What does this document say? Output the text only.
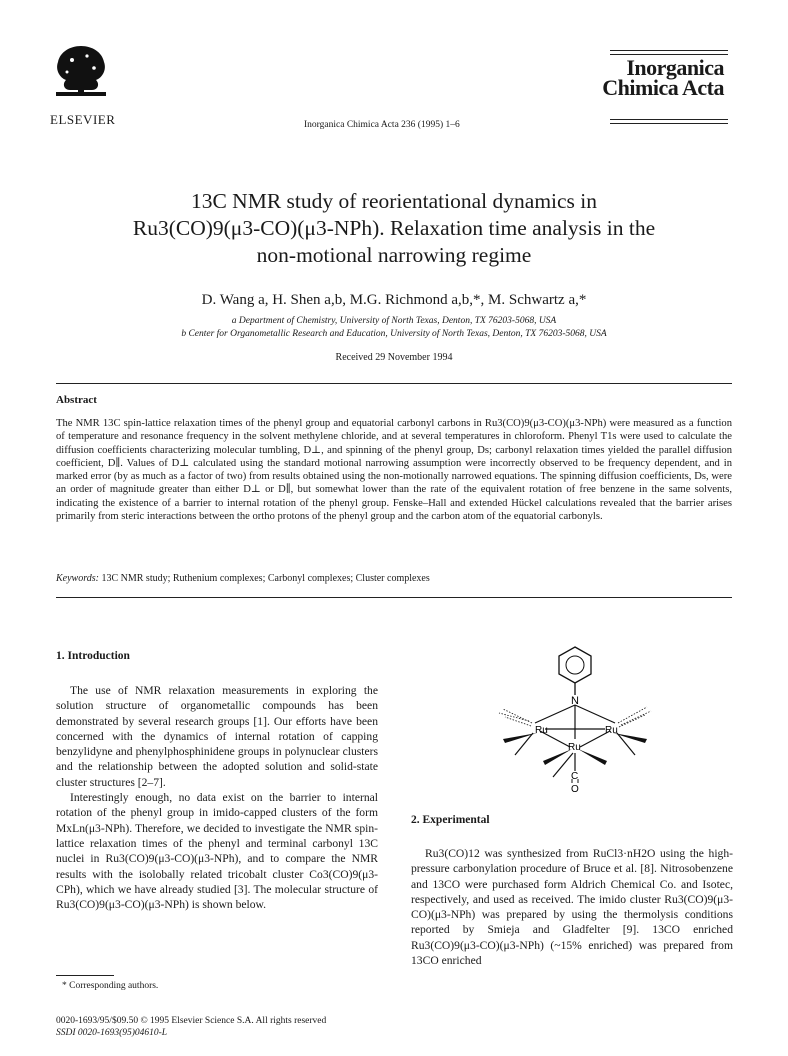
ELSEVIER	Inorganica Chimica Acta 236 (1995) 1–6
Inorganica
Chimica Acta
13C NMR study of reorientational dynamics in
Ru3(CO)9(μ3-CO)(μ3-NPh). Relaxation time analysis in the
non-motional narrowing regime
D. Wang a, H. Shen a,b, M.G. Richmond a,b,*, M. Schwartz a,*
a Department of Chemistry, University of North Texas, Denton, TX 76203-5068, USA
b Center for Organometallic Research and Education, University of North Texas, Denton, TX 76203-5068, USA
Received 29 November 1994
Abstract
The NMR 13C spin-lattice relaxation times of the phenyl group and equatorial carbonyl carbons in Ru3(CO)9(μ3-CO)(μ3-NPh) were measured as a function of temperature and resonance frequency in the solvent methylene chloride, and at several temperatures in chloroform. Phenyl T1s were used to calculate the diffusion coefficients characterizing molecular tumbling, D⊥, and spinning of the phenyl group, Ds; carbonyl relaxation times yielded the parallel diffusion coefficient, D∥. Values of D⊥ calculated using the standard motional narrowing assumption were incorrectly observed to be frequency dependent, and in marked error (by as much as a factor of two) from results obtained using the non-motionally narrowed equations. The spinning diffusion coefficients, Ds, were an order of magnitude greater than either D⊥ or D∥, but somewhat lower than the rate of the equivalent rotation of free benzene in the same solvents, indicating the existence of a barrier to internal rotation of the phenyl group. Fenske–Hall and extended Hückel calculations revealed that the barrier arises primarily from steric interactions between the ortho protons of the phenyl group and the carbon atom of the equatorial carbonyls.
Keywords: 13C NMR study; Ruthenium complexes; Carbonyl complexes; Cluster complexes
1. Introduction

The use of NMR relaxation measurements in exploring the solution structure of organometallic compounds has been demonstrated by several research groups [1]. Our efforts have been concerned with the dynamics of internal rotation of capping benzylidyne and phenylphosphinidene groups in polynuclear clusters and the relationship between the adopted solution and solid-state cluster structures [2–7].

Interestingly enough, no data exist on the barrier to internal rotation of the phenyl group in imido-capped clusters of the form MxLn(μ3-NPh). Therefore, we decided to investigate the NMR spin-lattice relaxation times of the phenyl and terminal carbonyl 13C nuclei in Ru3(CO)9(μ3-CO)(μ3-NPh), and to compare the NMR results with the isolobally related tricobalt cluster Co3(CO)9(μ3-CPh), which we have already studied [3]. The molecular structure of Ru3(CO)9(μ3-CO)(μ3-NPh) is shown below.

* Corresponding authors.
0020-1693/95/$09.50 © 1995 Elsevier Science S.A. All rights reserved
SSDI 0020-1693(95)04610-L
N
Ru	Ru
Ru
C
O
2. Experimental

Ru3(CO)12 was synthesized from RuCl3·nH2O using the high-pressure carbonylation procedure of Bruce et al. [8]. Nitrosobenzene and 13CO were purchased form Aldrich Chemical Co. and Isotec, respectively, and used as received. The imido cluster Ru3(CO)9(μ3-CO)(μ3-NPh) was prepared by using the thermolysis conditions reported by Smieja and Gladfelter [9]. 13CO enriched Ru3(CO)9(μ3-CO)(μ3-NPh) (~15% enriched) was prepared from 13CO enriched
